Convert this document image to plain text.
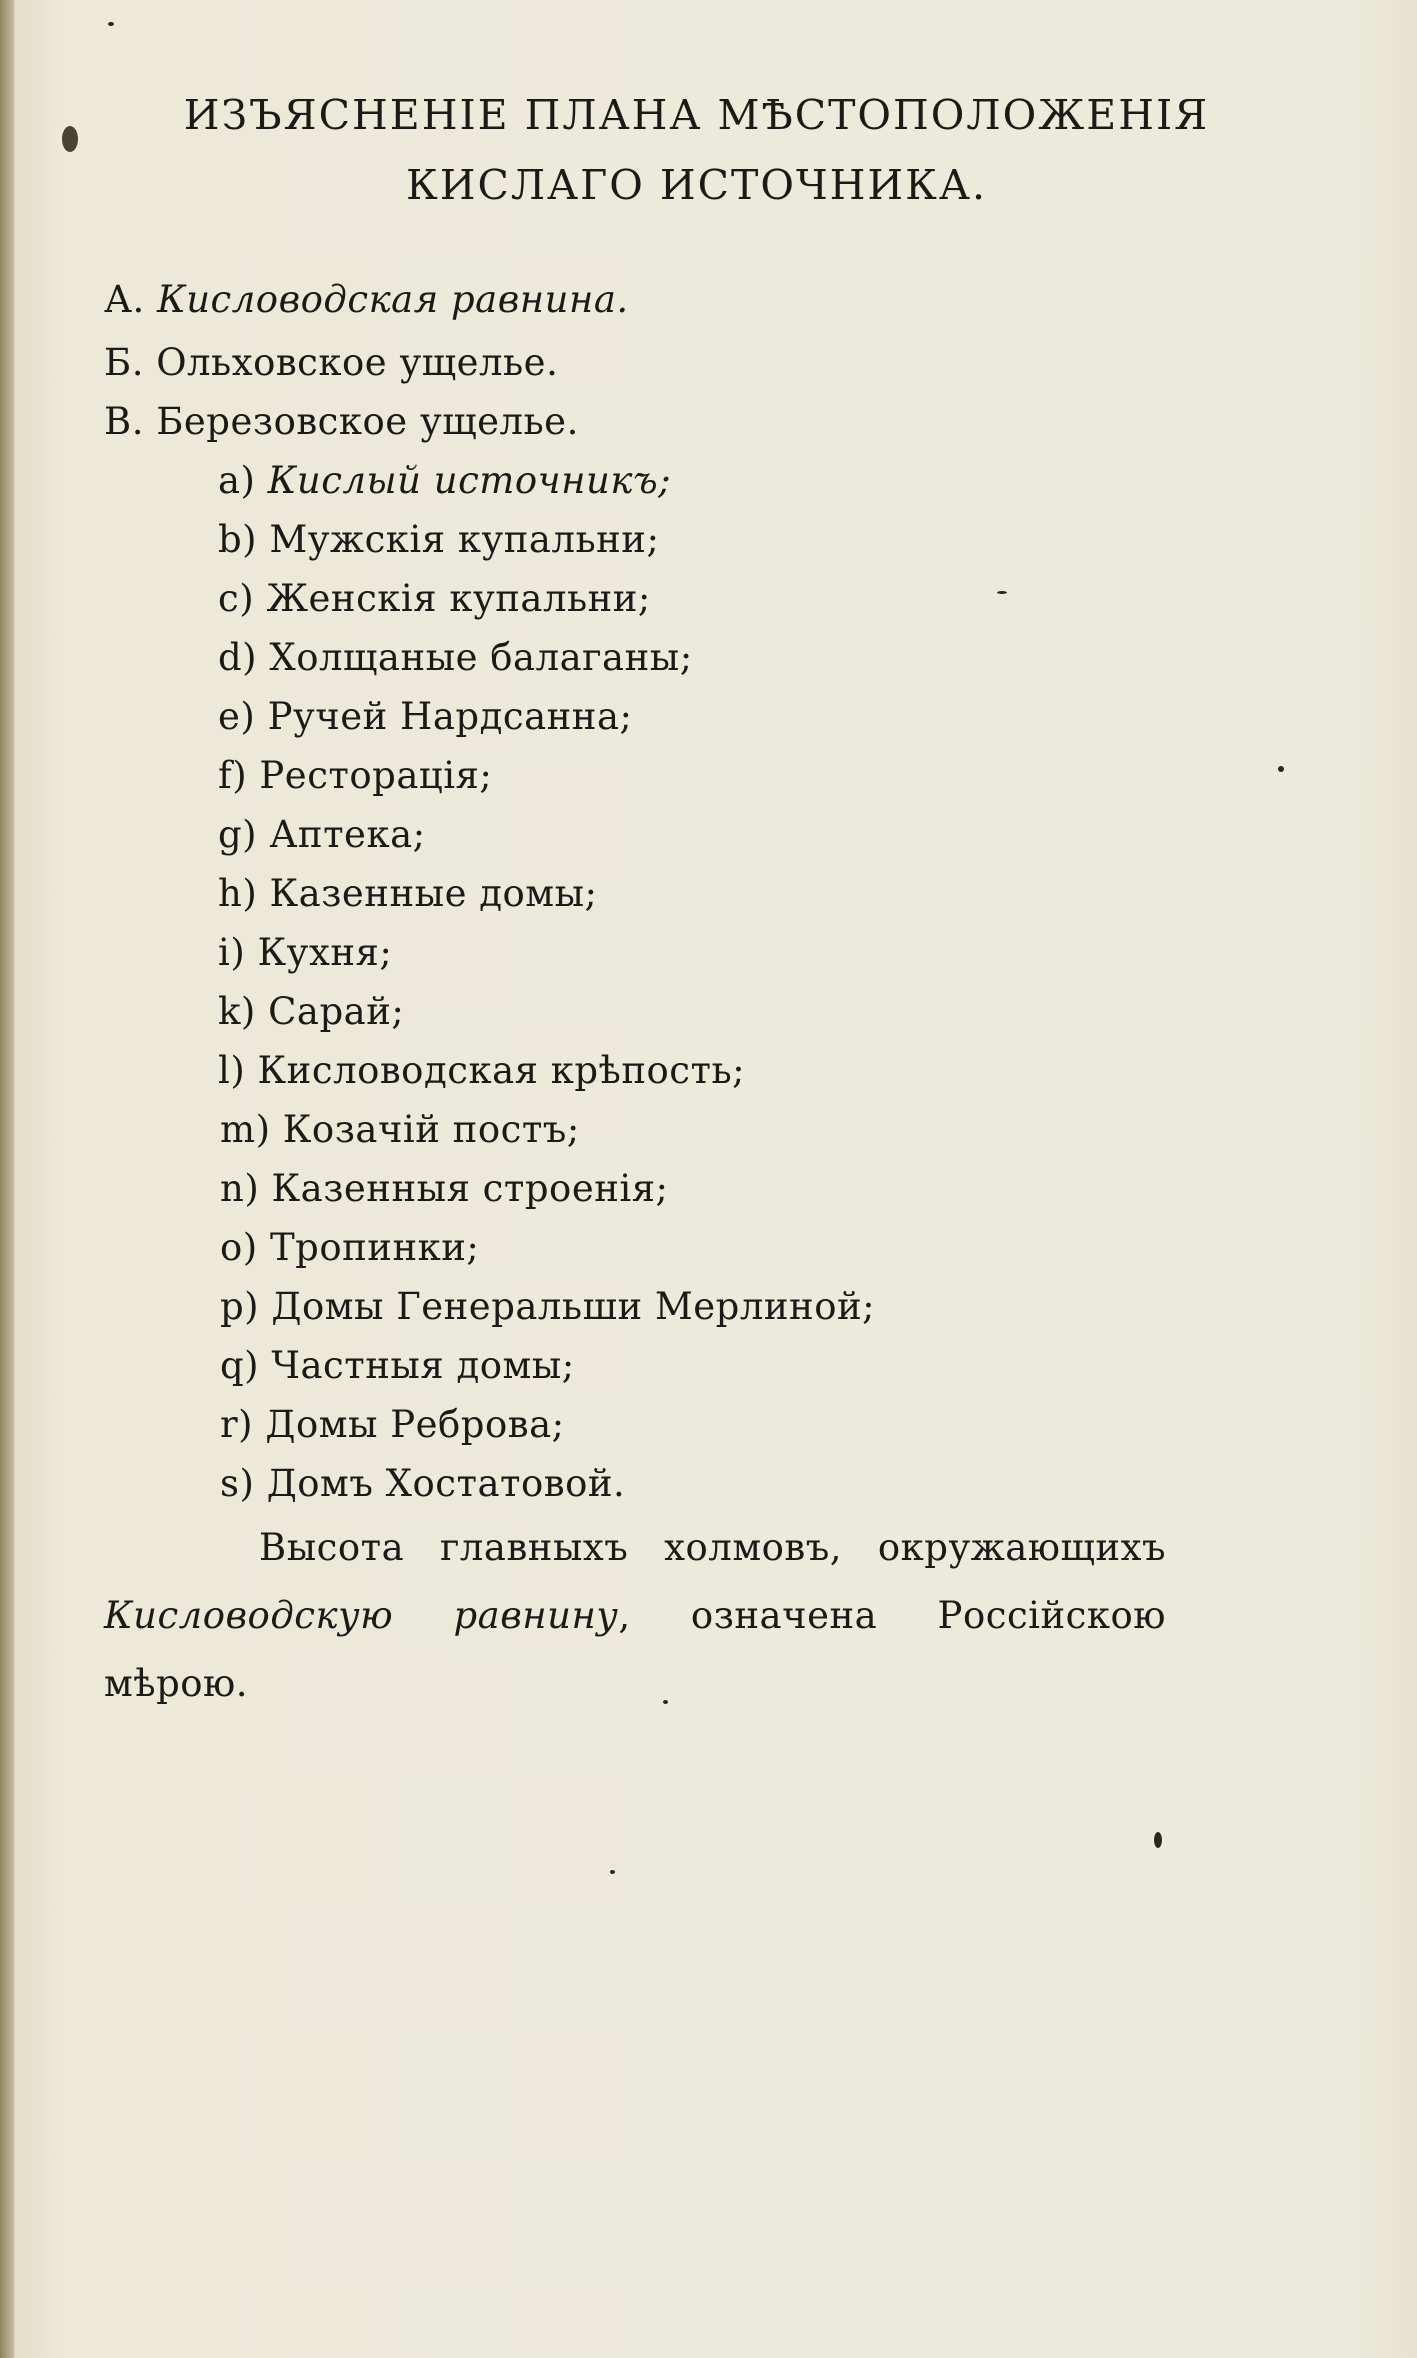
ИЗЪЯСНЕНІЕ ПЛАНА МѢСТОПОЛОЖЕНІЯ
КИСЛАГО ИСТОЧНИКА.
А. Кисловодская равнина.
Б. Ольховское ущелье.
В. Березовское ущелье.
a) Кислый источникъ;
b) Мужскія купальни;
c) Женскія купальни;
d) Холщаные балаганы;
e) Ручей Нардсанна;
f) Ресторація;
g) Аптека;
h) Казенные домы;
i) Кухня;
k) Сарай;
l) Кисловодская крѣпость;
m) Козачій постъ;
n) Казенныя строенія;
o) Тропинки;
p) Домы Генеральши Мерлиной;
q) Частныя домы;
r) Домы Реброва;
s) Домъ Хостатовой.
Высота главныхъ холмовъ, окружающихъ Кисловодскую равнину, означена Россійскою мѣрою.
